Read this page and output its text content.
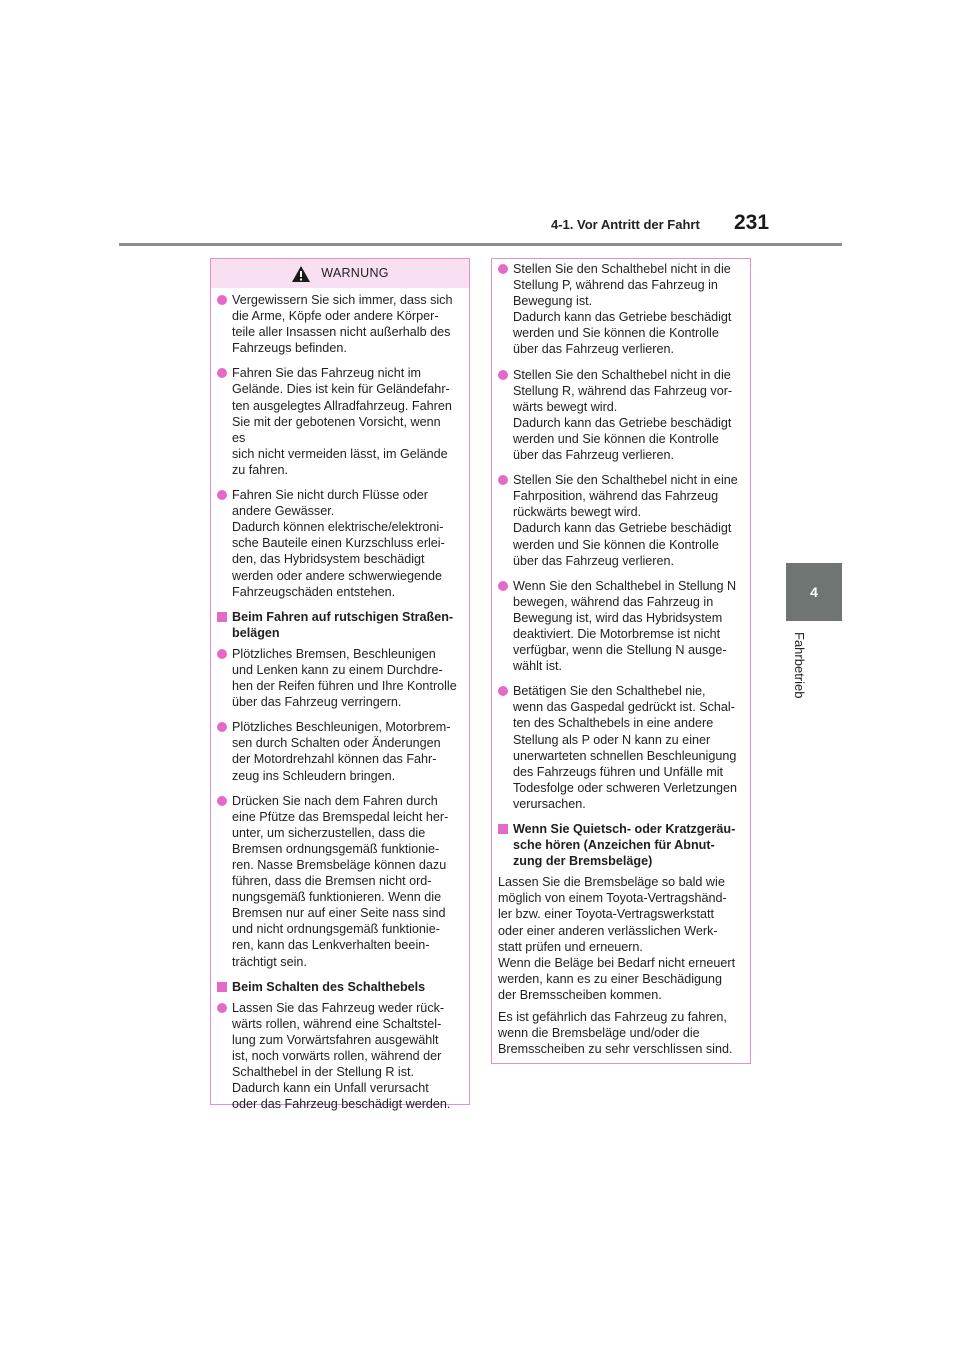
4-1. Vor Antritt der Fahrt 231
4
Fahrbetrieb
WARNUNG
Vergewissern Sie sich immer, dass sich
die Arme, Köpfe oder andere Körper-
teile aller Insassen nicht außerhalb des
Fahrzeugs befinden.
Fahren Sie das Fahrzeug nicht im
Gelände. Dies ist kein für Geländefahr-
ten ausgelegtes Allradfahrzeug. Fahren
Sie mit der gebotenen Vorsicht, wenn es
sich nicht vermeiden lässt, im Gelände
zu fahren.
Fahren Sie nicht durch Flüsse oder
andere Gewässer.
Dadurch können elektrische/elektroni-
sche Bauteile einen Kurzschluss erlei-
den, das Hybridsystem beschädigt
werden oder andere schwerwiegende
Fahrzeugschäden entstehen.
Beim Fahren auf rutschigen Straßen-
belägen
Plötzliches Bremsen, Beschleunigen
und Lenken kann zu einem Durchdre-
hen der Reifen führen und Ihre Kontrolle
über das Fahrzeug verringern.
Plötzliches Beschleunigen, Motorbrem-
sen durch Schalten oder Änderungen
der Motordrehzahl können das Fahr-
zeug ins Schleudern bringen.
Drücken Sie nach dem Fahren durch
eine Pfütze das Bremspedal leicht her-
unter, um sicherzustellen, dass die
Bremsen ordnungsgemäß funktionie-
ren. Nasse Bremsbeläge können dazu
führen, dass die Bremsen nicht ord-
nungsgemäß funktionieren. Wenn die
Bremsen nur auf einer Seite nass sind
und nicht ordnungsgemäß funktionie-
ren, kann das Lenkverhalten beein-
trächtigt sein.
Beim Schalten des Schalthebels
Lassen Sie das Fahrzeug weder rück-
wärts rollen, während eine Schaltstel-
lung zum Vorwärtsfahren ausgewählt
ist, noch vorwärts rollen, während der
Schalthebel in der Stellung R ist.
Dadurch kann ein Unfall verursacht
oder das Fahrzeug beschädigt werden.
Stellen Sie den Schalthebel nicht in die
Stellung P, während das Fahrzeug in
Bewegung ist.
Dadurch kann das Getriebe beschädigt
werden und Sie können die Kontrolle
über das Fahrzeug verlieren.
Stellen Sie den Schalthebel nicht in die
Stellung R, während das Fahrzeug vor-
wärts bewegt wird.
Dadurch kann das Getriebe beschädigt
werden und Sie können die Kontrolle
über das Fahrzeug verlieren.
Stellen Sie den Schalthebel nicht in eine
Fahrposition, während das Fahrzeug
rückwärts bewegt wird.
Dadurch kann das Getriebe beschädigt
werden und Sie können die Kontrolle
über das Fahrzeug verlieren.
Wenn Sie den Schalthebel in Stellung N
bewegen, während das Fahrzeug in
Bewegung ist, wird das Hybridsystem
deaktiviert. Die Motorbremse ist nicht
verfügbar, wenn die Stellung N ausge-
wählt ist.
Betätigen Sie den Schalthebel nie,
wenn das Gaspedal gedrückt ist. Schal-
ten des Schalthebels in eine andere
Stellung als P oder N kann zu einer
unerwarteten schnellen Beschleunigung
des Fahrzeugs führen und Unfälle mit
Todesfolge oder schweren Verletzungen
verursachen.
Wenn Sie Quietsch- oder Kratzgeräu-
sche hören (Anzeichen für Abnut-
zung der Bremsbeläge)
Lassen Sie die Bremsbeläge so bald wie
möglich von einem Toyota-Vertragshänd-
ler bzw. einer Toyota-Vertragswerkstatt
oder einer anderen verlässlichen Werk-
statt prüfen und erneuern.
Wenn die Beläge bei Bedarf nicht erneuert
werden, kann es zu einer Beschädigung
der Bremsscheiben kommen.
Es ist gefährlich das Fahrzeug zu fahren,
wenn die Bremsbeläge und/oder die
Bremsscheiben zu sehr verschlissen sind.
